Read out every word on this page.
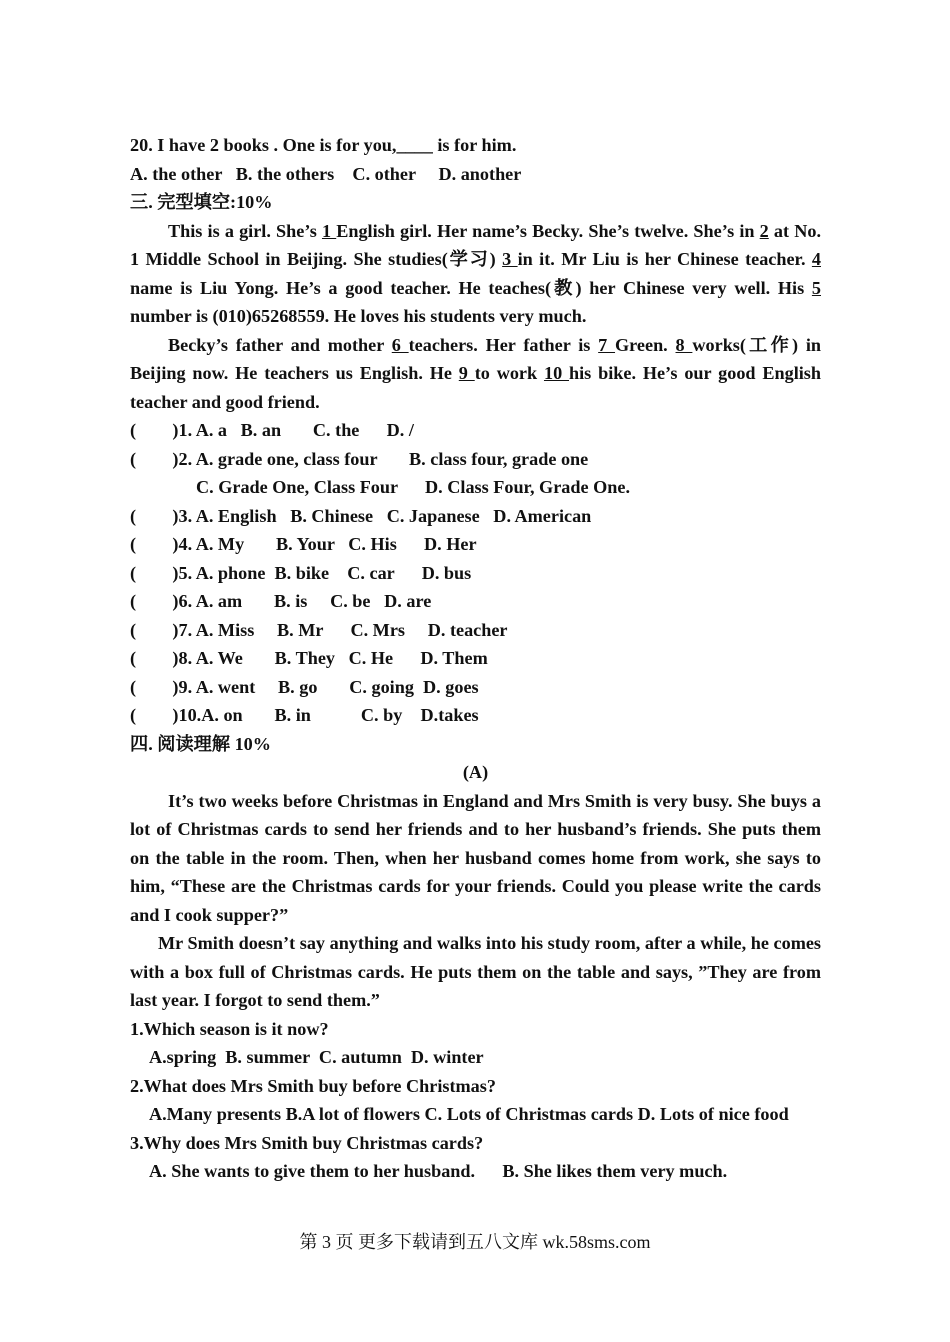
20. I have 2 books . One is for you,____ is for him.
A. the other   B. the others    C. other     D. another
三. 完型填空:10%
This is a girl. She’s 1 English girl. Her name’s Becky. She’s twelve. She’s in 2 at No. 1 Middle School in Beijing. She studies(学习) 3 in it. Mr Liu is her Chinese teacher. 4 name is Liu Yong. He’s a good teacher. He teaches(教) her Chinese very well. His 5 number is (010)65268559. He loves his students very much.
Becky’s father and mother 6 teachers. Her father is 7 Green. 8 works(工作) in Beijing now. He teachers us English. He 9 to work 10 his bike. He’s our good English teacher and good friend.
(        )1. A. a   B. an       C. the      D. /
(        )2. A. grade one, class four       B. class four, grade one
C. Grade One, Class Four      D. Class Four, Grade One.
(        )3. A. English   B. Chinese   C. Japanese   D. American
(        )4. A. My       B. Your   C. His      D. Her
(        )5. A. phone  B. bike    C. car      D. bus
(        )6. A. am       B. is     C. be   D. are
(        )7. A. Miss     B. Mr      C. Mrs     D. teacher
(        )8. A. We       B. They   C. He      D. Them
(        )9. A. went     B. go       C. going  D. goes
(        )10.A. on       B. in           C. by    D.takes
四. 阅读理解 10%
(A)
It’s two weeks before Christmas in England and Mrs Smith is very busy. She buys a lot of Christmas cards to send her friends and to her husband’s friends. She puts them on the table in the room. Then, when her husband comes home from work, she says to him, “These are the Christmas cards for your friends. Could you please write the cards and I cook supper?”
Mr Smith doesn’t say anything and walks into his study room, after a while, he comes with a box full of Christmas cards. He puts them on the table and says, ”They are from last year. I forgot to send them.”
1.Which season is it now?
A.spring  B. summer  C. autumn  D. winter
2.What does Mrs Smith buy before Christmas?
A.Many presents B.A lot of flowers C. Lots of Christmas cards D. Lots of nice food
3.Why does Mrs Smith buy Christmas cards?
A. She wants to give them to her husband.      B. She likes them very much.
第 3 页 更多下载请到五八文库 wk.58sms.com
